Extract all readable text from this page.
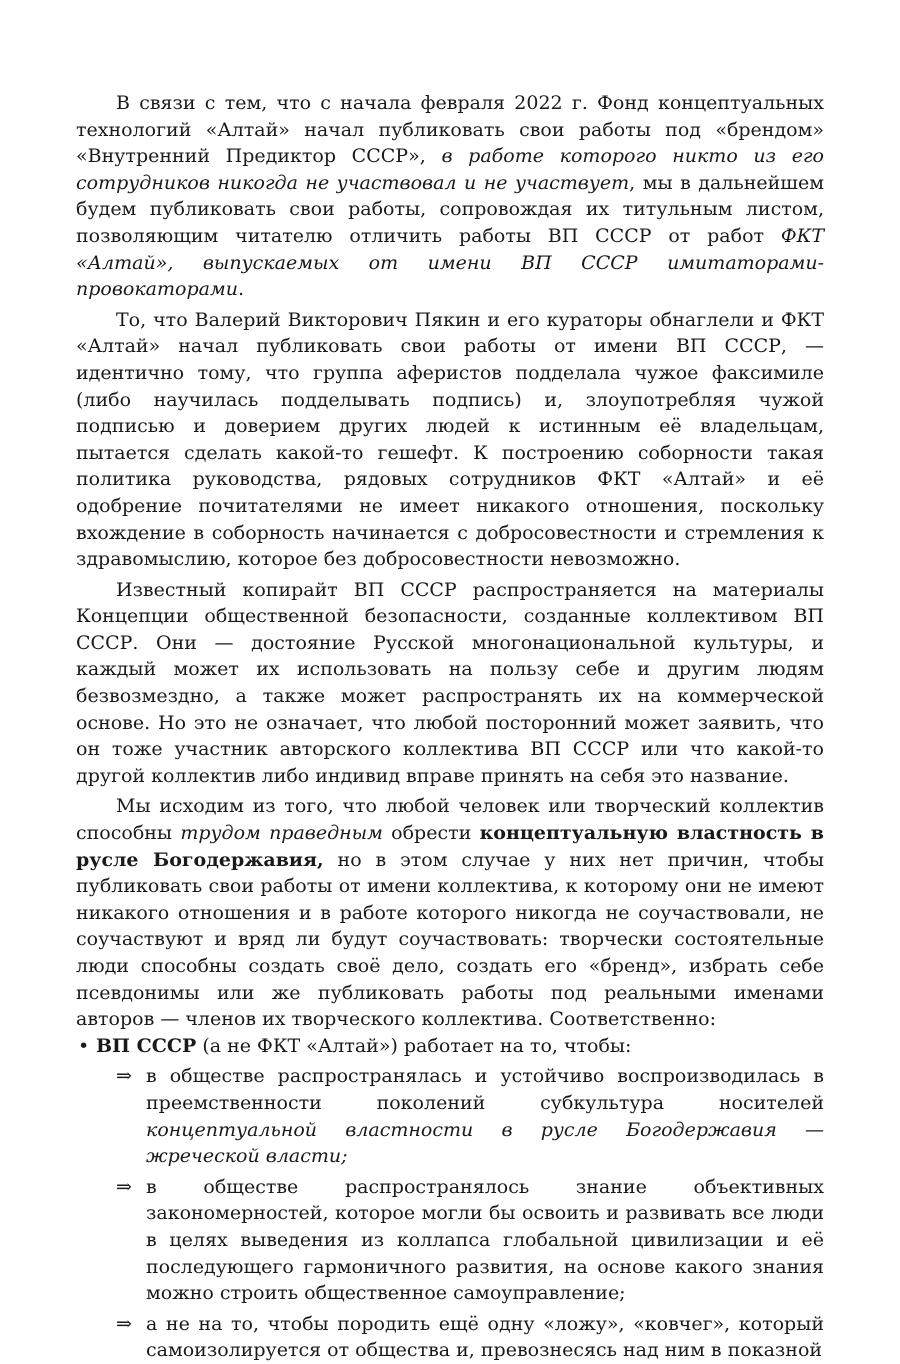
В связи с тем, что с начала февраля 2022 г. Фонд концептуальных технологий «Алтай» начал публиковать свои работы под «брендом» «Внутренний Предиктор СССР», в работе которого никто из его сотрудников никогда не участвовал и не участвует, мы в дальнейшем будем публиковать свои работы, сопровождая их титульным листом, позволяющим читателю отличить работы ВП СССР от работ ФКТ «Алтай», выпускаемых от имени ВП СССР имитаторами-провокаторами.

То, что Валерий Викторович Пякин и его кураторы обнаглели и ФКТ «Алтай» начал публиковать свои работы от имени ВП СССР, — идентично тому, что группа аферистов подделала чужое факсимиле (либо научилась подделывать подпись) и, злоупотребляя чужой подписью и доверием других людей к истинным её владельцам, пытается сделать какой-то гешефт. К построению соборности такая политика руководства, рядовых сотрудников ФКТ «Алтай» и её одобрение почитателями не имеет никакого отношения, поскольку вхождение в соборность начинается с добросовестности и стремления к здравомыслию, которое без добросовестности невозможно.

Известный копирайт ВП СССР распространяется на материалы Концепции общественной безопасности, созданные коллективом ВП СССР. Они — достояние Русской многонациональной культуры, и каждый может их использовать на пользу себе и другим людям безвозмездно, а также может распространять их на коммерческой основе. Но это не означает, что любой посторонний может заявить, что он тоже участник авторского коллектива ВП СССР или что какой-то другой коллектив либо индивид вправе принять на себя это название.

Мы исходим из того, что любой человек или творческий коллектив способны трудом праведным обрести концептуальную властность в русле Богодержавия, но в этом случае у них нет причин, чтобы публиковать свои работы от имени коллектива, к которому они не имеют никакого отношения и в работе которого никогда не соучаствовали, не соучаствуют и вряд ли будут соучаствовать: творчески состоятельные люди способны создать своё дело, создать его «бренд», избрать себе псевдонимы или же публиковать работы под реальными именами авторов — членов их творческого коллектива. Соответственно:

• ВП СССР (а не ФКТ «Алтай») работает на то, чтобы:
⇒ в обществе распространялась и устойчиво воспроизводилась в преемственности поколений субкультура носителей концептуальной властности в русле Богодержавия — жреческой власти;
⇒ в обществе распространялось знание объективных закономерностей, которое могли бы освоить и развивать все люди в целях выведения из коллапса глобальной цивилизации и её последующего гармоничного развития, на основе какого знания можно строить общественное самоуправление;
⇒ а не на то, чтобы породить ещё одну «ложу», «ковчег», который самоизолируется от общества и, превознесясь над ним в показной
